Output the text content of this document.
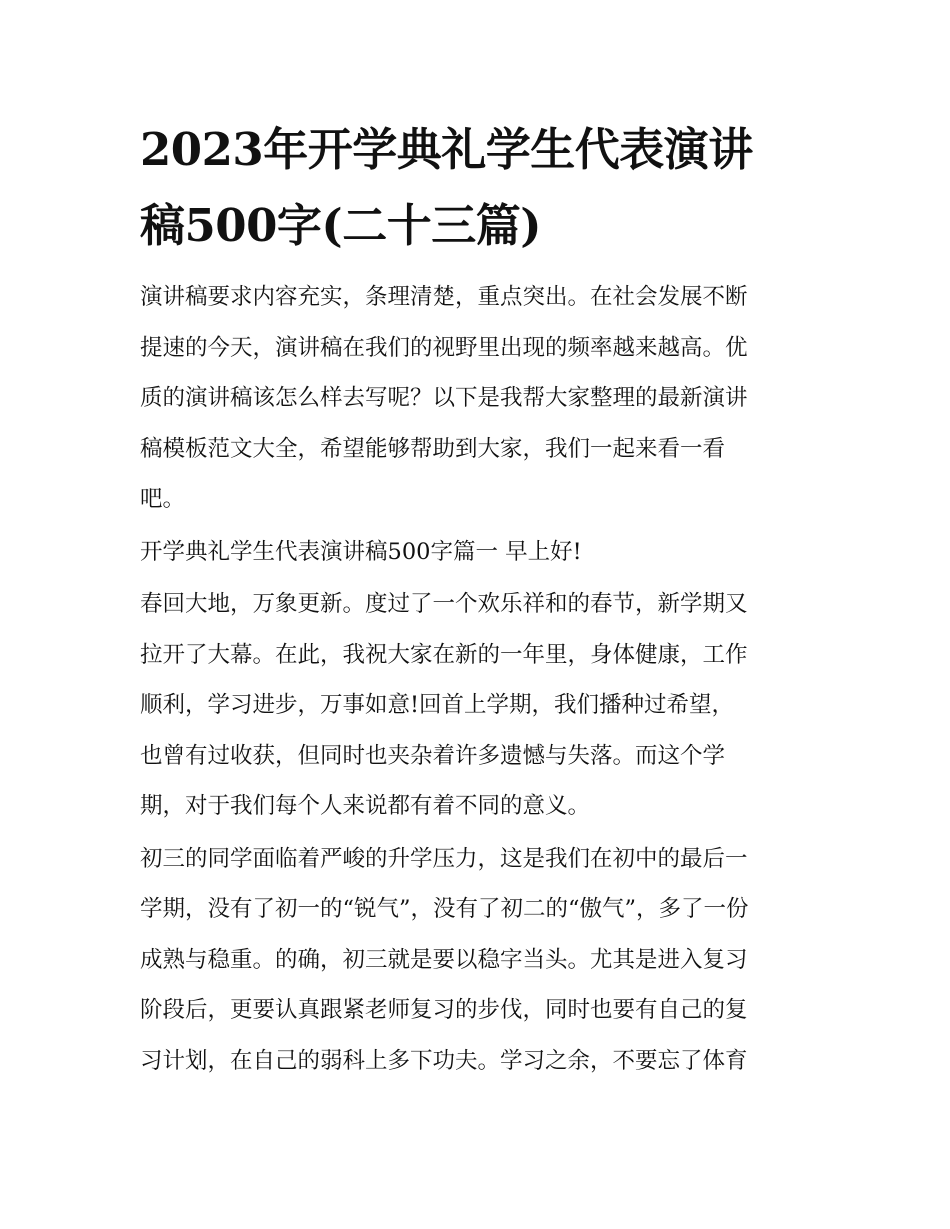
2023年开学典礼学生代表演讲
稿500字(二十三篇)

演讲稿要求内容充实，条理清楚，重点突出。在社会发展不断
提速的今天，演讲稿在我们的视野里出现的频率越来越高。优
质的演讲稿该怎么样去写呢？以下是我帮大家整理的最新演讲
稿模板范文大全，希望能够帮助到大家，我们一起来看一看
吧。

开学典礼学生代表演讲稿500字篇一 早上好!

春回大地，万象更新。度过了一个欢乐祥和的春节，新学期又
拉开了大幕。在此，我祝大家在新的一年里，身体健康，工作
顺利，学习进步，万事如意!回首上学期，我们播种过希望，
也曾有过收获，但同时也夹杂着许多遗憾与失落。而这个学
期，对于我们每个人来说都有着不同的意义。

初三的同学面临着严峻的升学压力，这是我们在初中的最后一
学期，没有了初一的“锐气”，没有了初二的“傲气”，多了一份
成熟与稳重。的确，初三就是要以稳字当头。尤其是进入复习
阶段后，更要认真跟紧老师复习的步伐，同时也要有自己的复
习计划，在自己的弱科上多下功夫。学习之余，不要忘了体育
